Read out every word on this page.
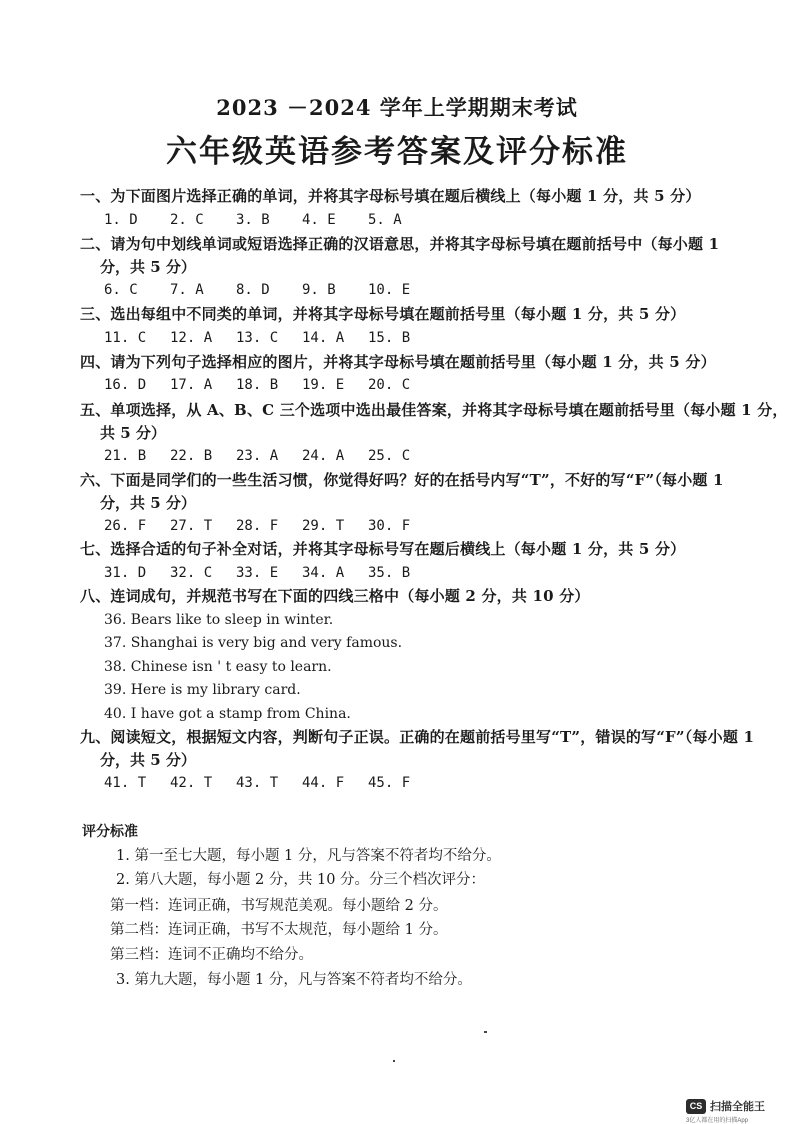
2023 －2024 学年上学期期末考试
六年级英语参考答案及评分标准
一、为下面图片选择正确的单词，并将其字母标号填在题后横线上（每小题 1 分，共 5 分）
1. D 2. C 3. B 4. E 5. A
二、请为句中划线单词或短语选择正确的汉语意思，并将其字母标号填在题前括号中（每小题 1
分，共 5 分）
6. C 7. A 8. D 9. B 10. E
三、选出每组中不同类的单词，并将其字母标号填在题前括号里（每小题 1 分，共 5 分）
11. C 12. A 13. C 14. A 15. B
四、请为下列句子选择相应的图片，并将其字母标号填在题前括号里（每小题 1 分，共 5 分）
16. D 17. A 18. B 19. E 20. C
五、单项选择，从 A、B、C 三个选项中选出最佳答案，并将其字母标号填在题前括号里（每小题 1 分，
共 5 分）
21. B 22. B 23. A 24. A 25. C
六、下面是同学们的一些生活习惯，你觉得好吗？好的在括号内写“T”，不好的写“F”（每小题 1
分，共 5 分）
26. F 27. T 28. F 29. T 30. F
七、选择合适的句子补全对话，并将其字母标号写在题后横线上（每小题 1 分，共 5 分）
31. D 32. C 33. E 34. A 35. B
八、连词成句，并规范书写在下面的四线三格中（每小题 2 分，共 10 分）
36. Bears like to sleep in winter.
37. Shanghai is very big and very famous.
38. Chinese isn ' t easy to learn.
39. Here is my library card.
40. I have got a stamp from China.
九、阅读短文，根据短文内容，判断句子正误。正确的在题前括号里写“T”，错误的写“F”（每小题 1
分，共 5 分）
41. T 42. T 43. T 44. F 45. F
评分标准
1. 第一至七大题，每小题 1 分，凡与答案不符者均不给分。
2. 第八大题，每小题 2 分，共 10 分。分三个档次评分：
第一档：连词正确，书写规范美观。每小题给 2 分。
第二档：连词正确，书写不太规范，每小题给 1 分。
第三档：连词不正确均不给分。
3. 第九大题，每小题 1 分，凡与答案不符者均不给分。
CS 扫描全能王
3亿人都在用的扫描App
